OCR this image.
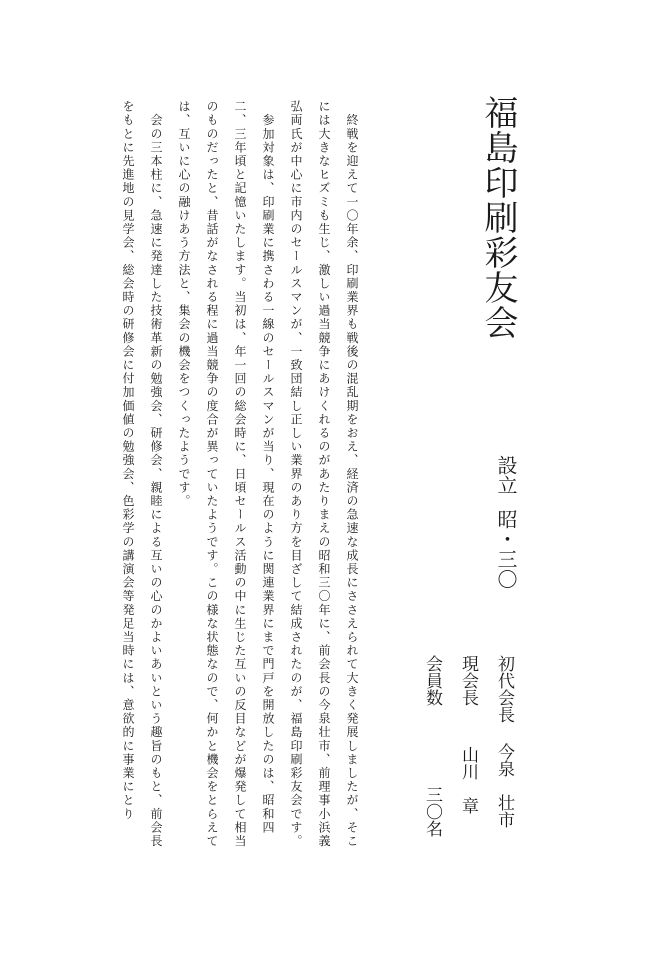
福島印刷彩友会
設立昭・三〇
初代会長今泉　壮市
現会長山川　章
会員数三〇名
　終戦を迎えて一〇年余、印刷業界も戦後の混乱期をおえ、経済の急速な成長にささえられて大きく発展しましたが、そこには大きなヒズミも生じ、激しい過当競争にあけくれるのがあたりまえの昭和三〇年に、前会長の今泉壮市、前理事小浜義弘両氏が中心に市内のセールスマンが、一致団結し正しい業界のあり方を目ざして結成されたのが、福島印刷彩友会です。
　参加対象は、印刷業に携さわる一線のセールスマンが当り、現在のように関連業界にまで門戸を開放したのは、昭和四二、三年頃と記憶いたします。当初は、年一回の総会時に、日頃セールス活動の中に生じた互いの反目などが爆発して相当のものだったと、昔話がなされる程に過当競争の度合が異っていたようです。この様な状態なので、何かと機会をとらえては、互いに心の融けあう方法と、集会の機会をつくったようです。
　会の三本柱に、急速に発達した技術革新の勉強会、研修会、親睦による互いの心のかよいあいという趣旨のもと、前会長をもとに先進地の見学会、総会時の研修会に付加価値の勉強会、色彩学の講演会等発足当時には、意欲的に事業にとり
